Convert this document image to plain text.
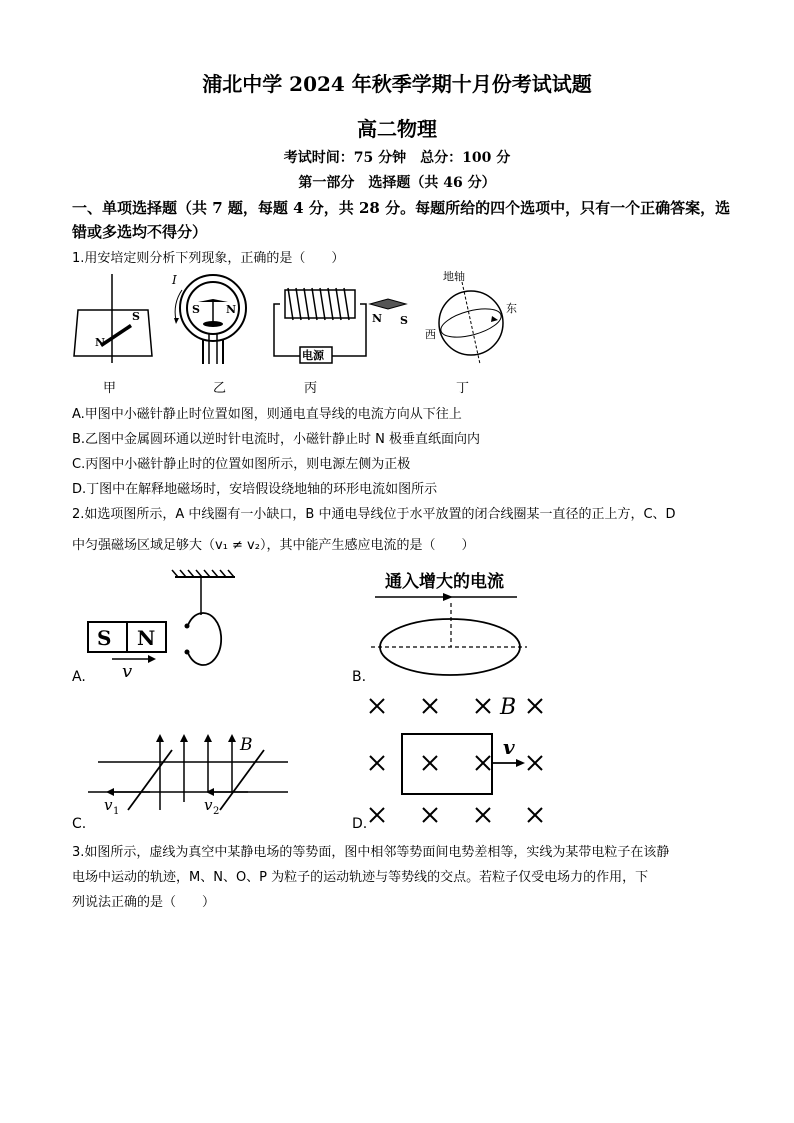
浦北中学 2024 年秋季学期十月份考试试题
高二物理
考试时间：75 分钟　总分：100 分
第一部分　选择题（共 46 分）
一、单项选择题（共 7 题，每题 4 分，共 28 分。每题所给的四个选项中，只有一个正确答案，选错或多选均不得分）
1.用安培定则分析下列现象，正确的是（　　）
S
N
S N
I
电源
N S
地轴
东
西
甲	乙	丙	丁
A.甲图中小磁针静止时位置如图，则通电直导线的电流方向从下往上
B.乙图中金属圆环通以逆时针电流时，小磁针静止时 N 极垂直纸面向内
C.丙图中小磁针静止时的位置如图所示，则电源左侧为正极
D.丁图中在解释地磁场时，安培假设绕地轴的环形电流如图所示
2.如选项图所示，A 中线圈有一小缺口，B 中通电导线位于水平放置的闭合线圈某一直径的正上方，C、D
中匀强磁场区域足够大（v₁ ≠ v₂），其中能产生感应电流的是（　　）
S N
v
A.
通入增大的电流
B.
B
v 1	v 2
C.
B
v
D.
3.如图所示，虚线为真空中某静电场的等势面，图中相邻等势面间电势差相等，实线为某带电粒子在该静
电场中运动的轨迹，M、N、O、P 为粒子的运动轨迹与等势线的交点。若粒子仅受电场力的作用，下
列说法正确的是（　　）
